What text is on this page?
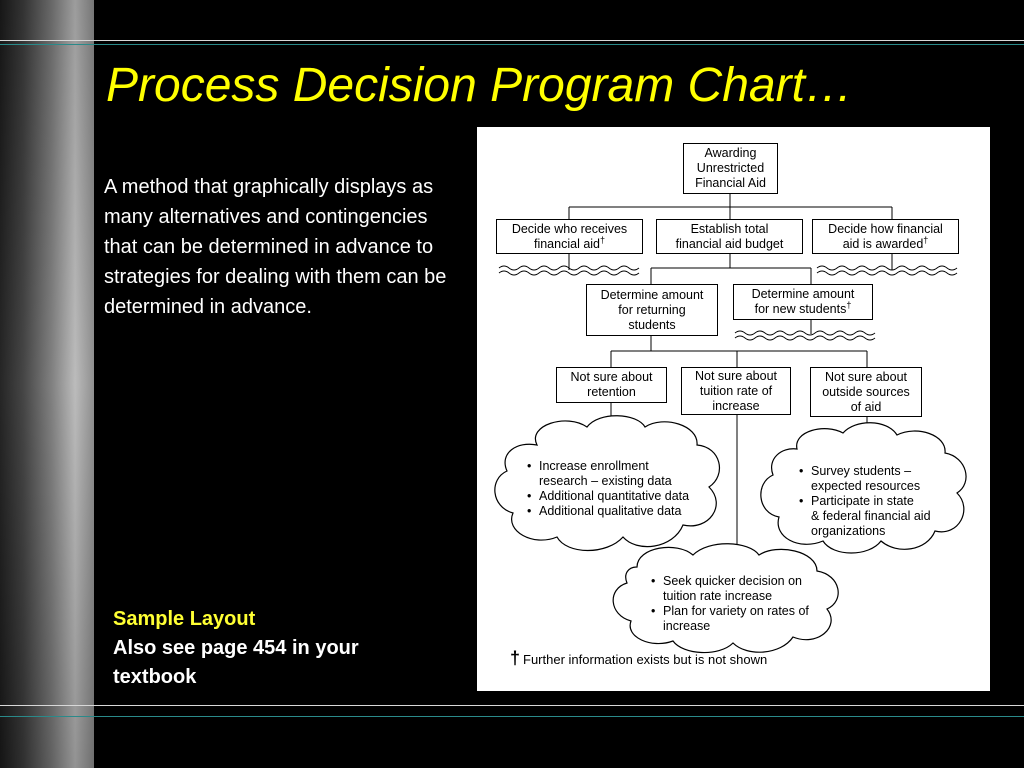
Process Decision Program Chart…

A method that graphically displays as many alternatives and contingencies that can be determined in advance to strategies for dealing with them can be determined in advance.

Sample Layout
Also see page 454 in your textbook
Awarding
Unrestricted
Financial Aid
Decide who receives
financial aid†
Establish total
financial aid budget
Decide how financial
aid is awarded†
Determine amount
for returning
students
Determine amount
for new students†
Not sure about
retention
Not sure about
tuition rate of
increase
Not sure about
outside sources
of aid
• Increase enrollment
research – existing data
• Additional quantitative data
• Additional qualitative data
• Survey students –
expected resources
• Participate in state
& federal financial aid
organizations
• Seek quicker decision on
tuition rate increase
• Plan for variety on rates of
increase
† Further information exists but is not shown
